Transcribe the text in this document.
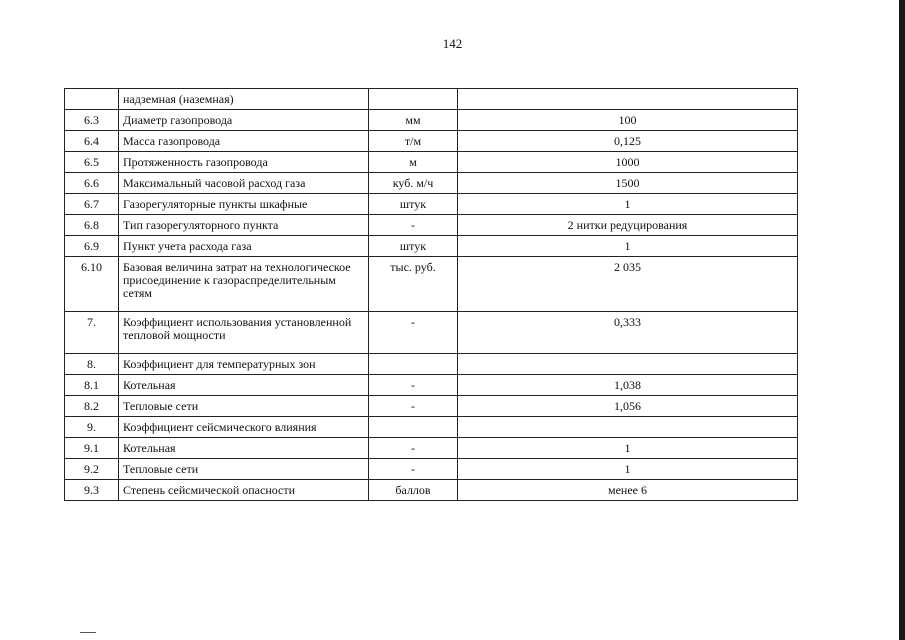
142
	надземная (наземная)		
6.3	Диаметр газопровода	мм	100
6.4	Масса газопровода	т/м	0,125
6.5	Протяженность газопровода	м	1000
6.6	Максимальный часовой расход газа	куб. м/ч	1500
6.7	Газорегуляторные пункты шкафные	штук	1
6.8	Тип газорегуляторного пункта	-	2 нитки редуцирования
6.9	Пункт учета расхода газа	штук	1
6.10	Базовая величина затрат на технологическое присоединение к газораспределительным сетям	тыс. руб.	2 035
7.	Коэффициент использования установленной тепловой мощности	-	0,333
8.	Коэффициент для температурных зон		
8.1	Котельная	-	1,038
8.2	Тепловые сети	-	1,056
9.	Коэффициент сейсмического влияния		
9.1	Котельная	-	1
9.2	Тепловые сети	-	1
9.3	Степень сейсмической опасности	баллов	менее 6
